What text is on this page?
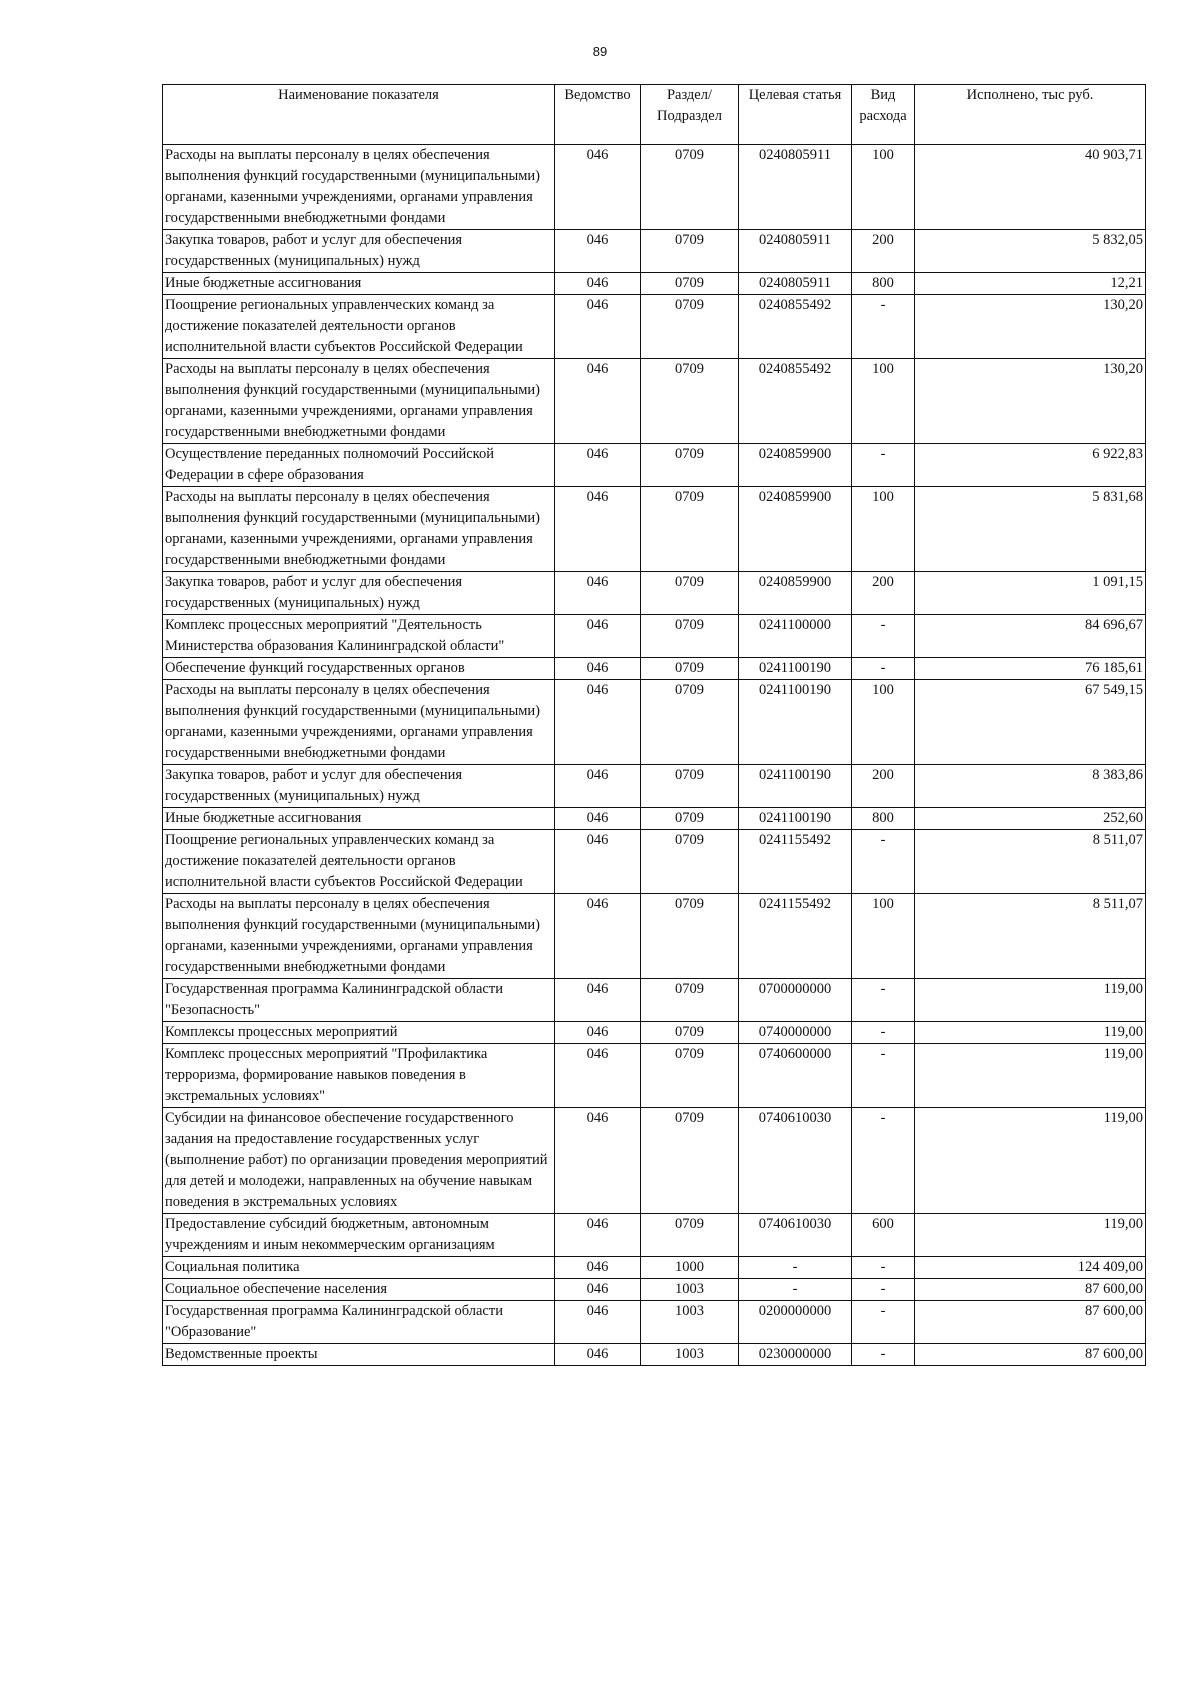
89
Наименование показателя	Ведомство	Раздел/ Подраздел	Целевая статья	Вид расхода	Исполнено, тыс руб.
Расходы на выплаты персоналу в целях обеспечения выполнения функций государственными (муниципальными) органами, казенными учреждениями, органами управления государственными внебюджетными фондами	046	0709	0240805911	100	40 903,71
Закупка товаров, работ и услуг для обеспечения государственных (муниципальных) нужд	046	0709	0240805911	200	5 832,05
Иные бюджетные ассигнования	046	0709	0240805911	800	12,21
Поощрение региональных управленческих команд за достижение показателей деятельности органов исполнительной власти субъектов Российской Федерации	046	0709	0240855492	-	130,20
Расходы на выплаты персоналу в целях обеспечения выполнения функций государственными (муниципальными) органами, казенными учреждениями, органами управления государственными внебюджетными фондами	046	0709	0240855492	100	130,20
Осуществление переданных полномочий Российской Федерации в сфере образования	046	0709	0240859900	-	6 922,83
Расходы на выплаты персоналу в целях обеспечения выполнения функций государственными (муниципальными) органами, казенными учреждениями, органами управления государственными внебюджетными фондами	046	0709	0240859900	100	5 831,68
Закупка товаров, работ и услуг для обеспечения государственных (муниципальных) нужд	046	0709	0240859900	200	1 091,15
Комплекс процессных мероприятий "Деятельность Министерства образования Калининградской области"	046	0709	0241100000	-	84 696,67
Обеспечение функций государственных органов	046	0709	0241100190	-	76 185,61
Расходы на выплаты персоналу в целях обеспечения выполнения функций государственными (муниципальными) органами, казенными учреждениями, органами управления государственными внебюджетными фондами	046	0709	0241100190	100	67 549,15
Закупка товаров, работ и услуг для обеспечения государственных (муниципальных) нужд	046	0709	0241100190	200	8 383,86
Иные бюджетные ассигнования	046	0709	0241100190	800	252,60
Поощрение региональных управленческих команд за достижение показателей деятельности органов исполнительной власти субъектов Российской Федерации	046	0709	0241155492	-	8 511,07
Расходы на выплаты персоналу в целях обеспечения выполнения функций государственными (муниципальными) органами, казенными учреждениями, органами управления государственными внебюджетными фондами	046	0709	0241155492	100	8 511,07
Государственная программа Калининградской области "Безопасность"	046	0709	0700000000	-	119,00
Комплексы процессных мероприятий	046	0709	0740000000	-	119,00
Комплекс процессных мероприятий "Профилактика терроризма, формирование навыков поведения в экстремальных условиях"	046	0709	0740600000	-	119,00
Субсидии на финансовое обеспечение государственного задания на предоставление государственных услуг (выполнение работ) по организации проведения мероприятий для детей и молодежи, направленных на обучение навыкам поведения в экстремальных условиях	046	0709	0740610030	-	119,00
Предоставление субсидий бюджетным, автономным учреждениям и иным некоммерческим организациям	046	0709	0740610030	600	119,00
Социальная политика	046	1000	-	-	124 409,00
Социальное обеспечение населения	046	1003	-	-	87 600,00
Государственная программа Калининградской области "Образование"	046	1003	0200000000	-	87 600,00
Ведомственные проекты	046	1003	0230000000	-	87 600,00
